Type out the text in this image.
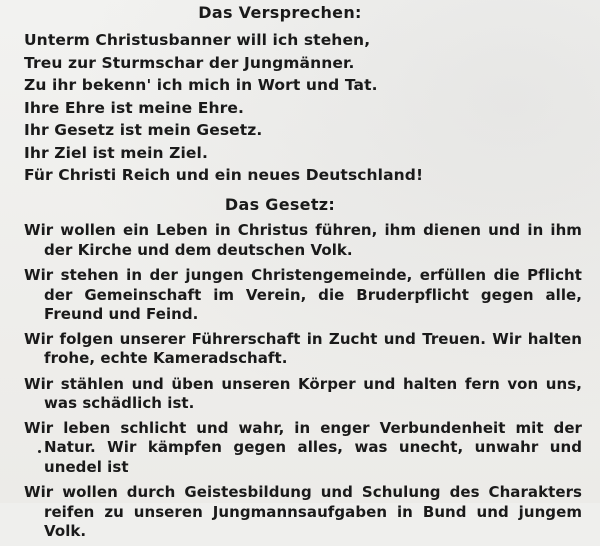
Das Versprechen:
Unterm Christusbanner will ich stehen,
Treu zur Sturmschar der Jungmänner.
Zu ihr bekenn' ich mich in Wort und Tat.
Ihre Ehre ist meine Ehre.
Ihr Gesetz ist mein Gesetz.
Ihr Ziel ist mein Ziel.
Für Christi Reich und ein neues Deutschland!
Das Gesetz:
Wir wollen ein Leben in Christus führen, ihm dienen und in ihm der Kirche und dem deutschen Volk.
Wir stehen in der jungen Christengemeinde, erfüllen die Pflicht der Gemeinschaft im Verein, die Bruderpflicht gegen alle, Freund und Feind.
Wir folgen unserer Führerschaft in Zucht und Treuen. Wir halten frohe, echte Kameradschaft.
Wir stählen und üben unseren Körper und halten fern von uns, was schädlich ist.
Wir leben schlicht und wahr, in enger Verbundenheit mit der Natur. Wir kämpfen gegen alles, was unecht, unwahr und unedel ist
Wir wollen durch Geistesbildung und Schulung des Charakters reifen zu unseren Jungmannsaufgaben in Bund und jungem Volk.
